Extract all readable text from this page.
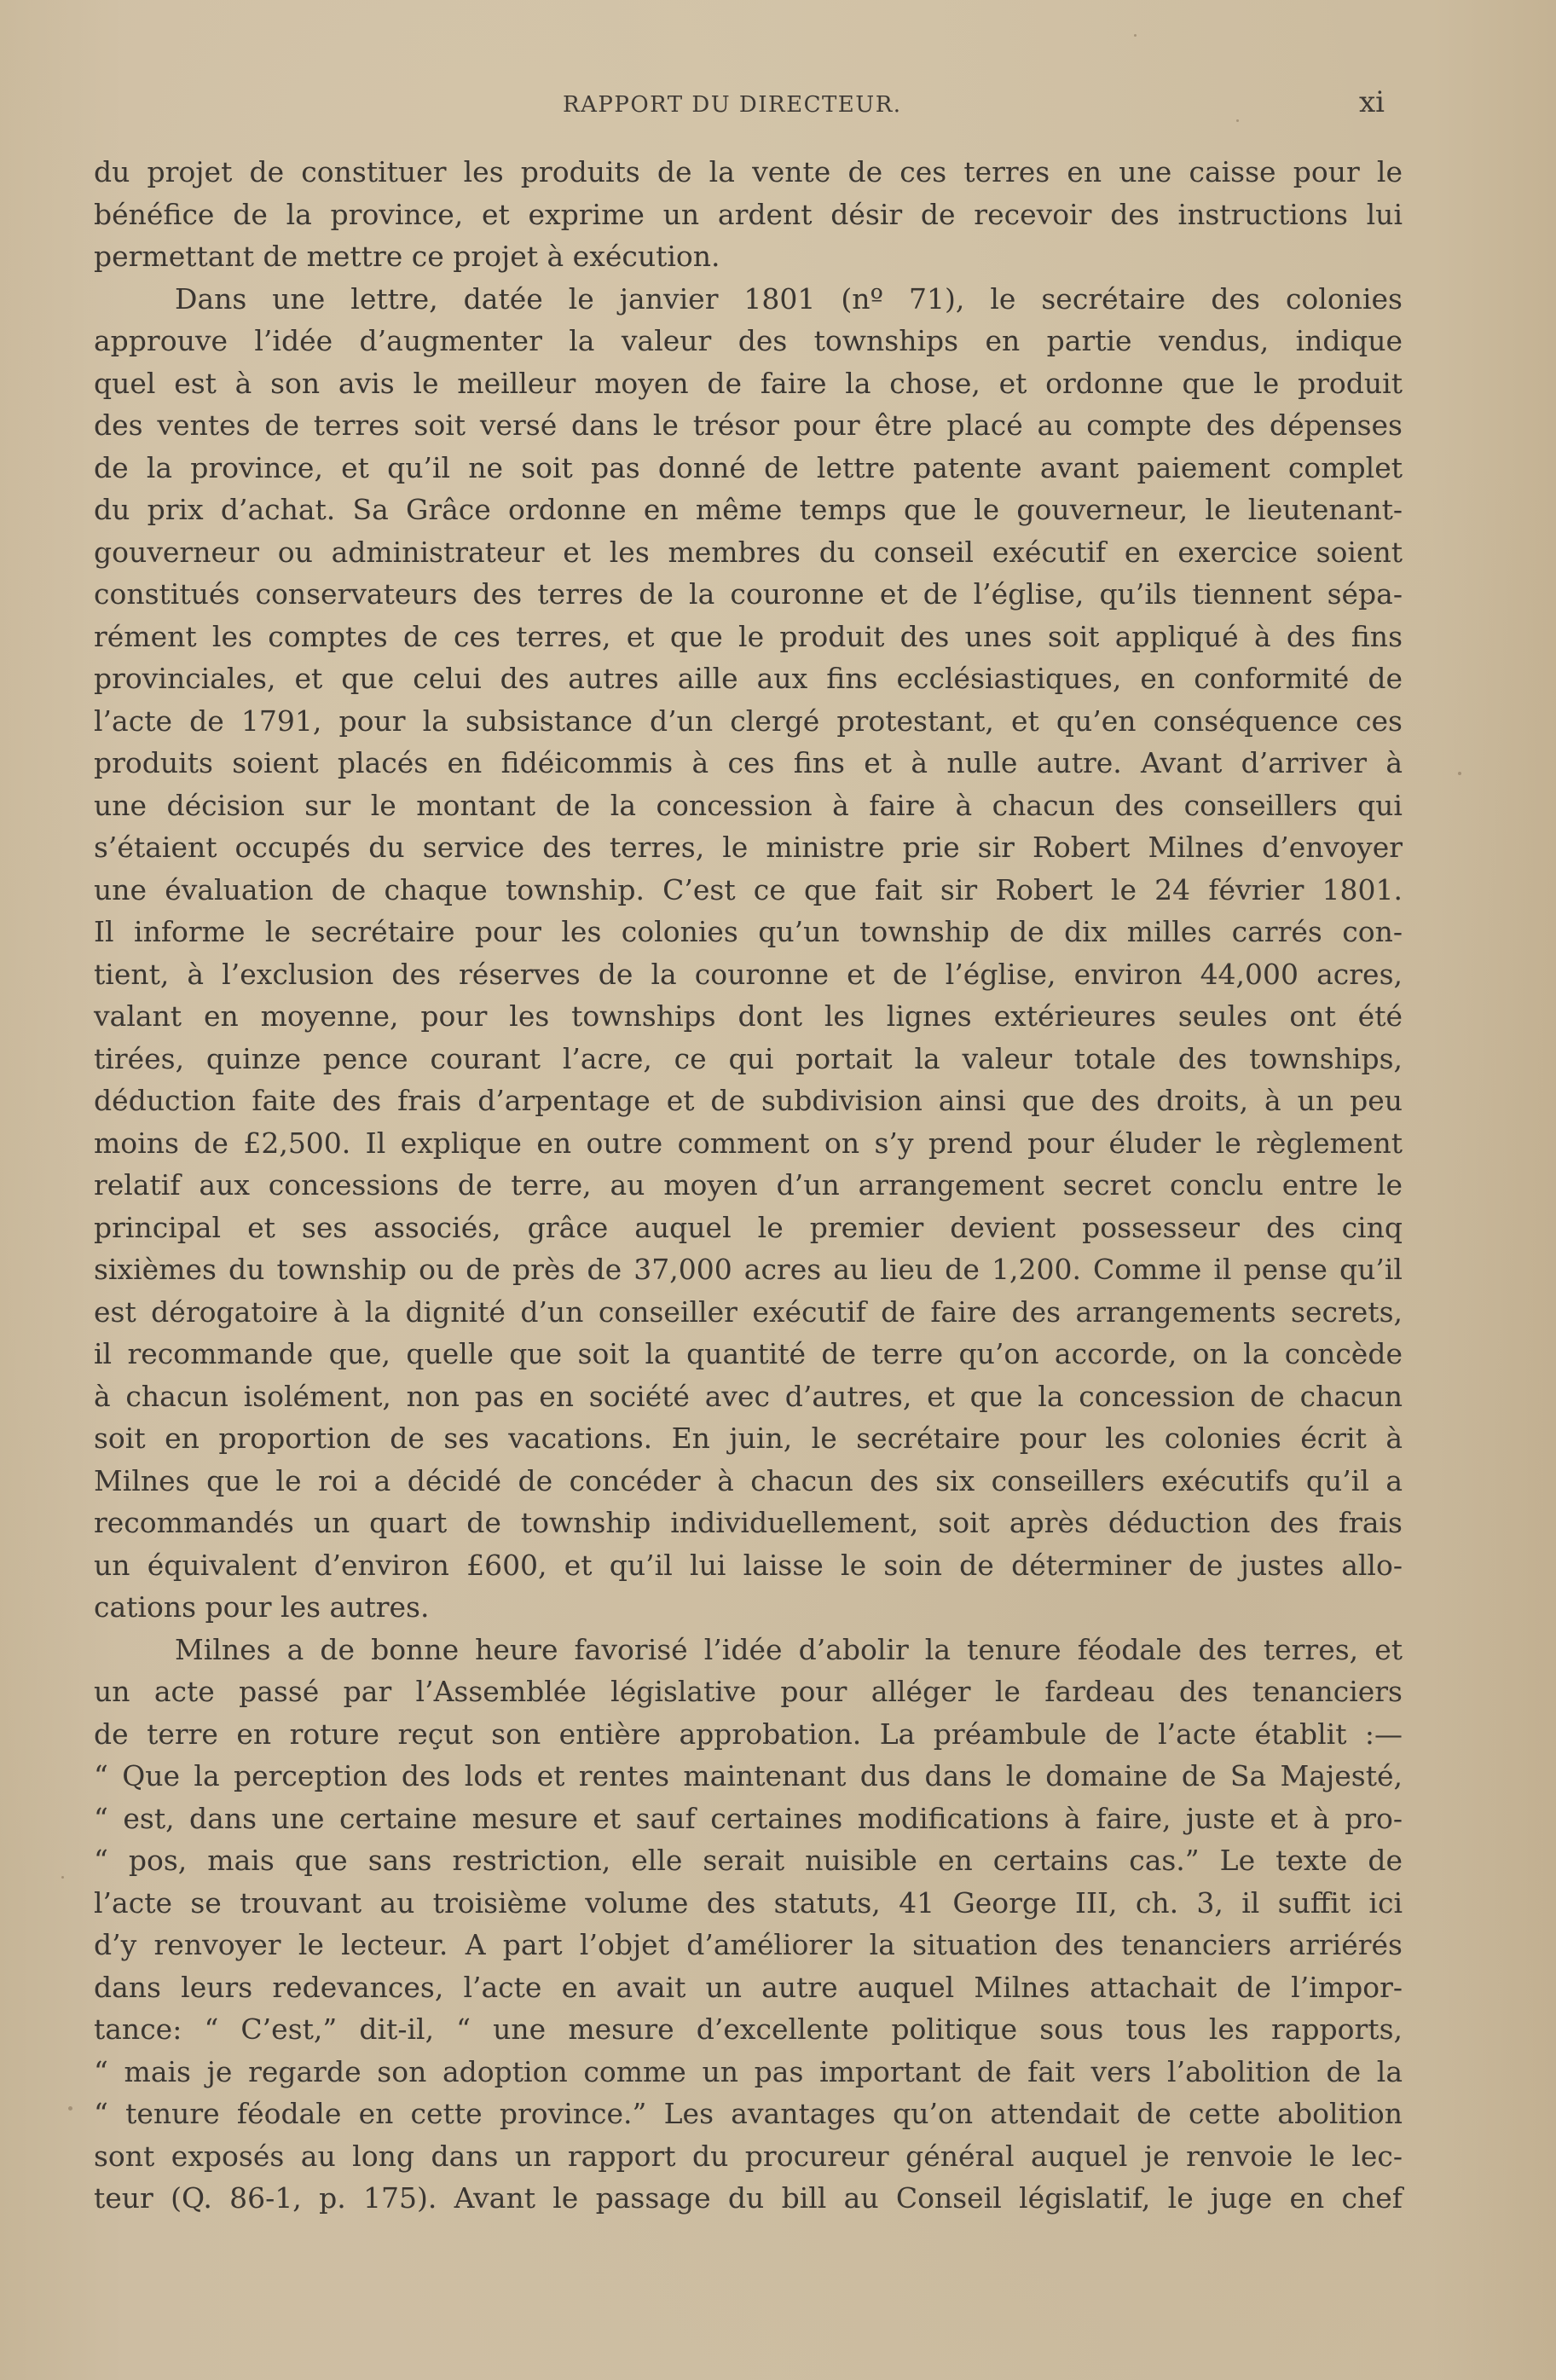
RAPPORT DU DIRECTEUR.	xi
du projet de constituer les produits de la vente de ces terres en une caisse pour le
bénéfice de la province, et exprime un ardent désir de recevoir des instructions lui
permettant de mettre ce projet à exécution.
Dans une lettre, datée le janvier 1801 (nº 71), le secrétaire des colonies
approuve l’idée d’augmenter la valeur des townships en partie vendus, indique
quel est à son avis le meilleur moyen de faire la chose, et ordonne que le produit
des ventes de terres soit versé dans le trésor pour être placé au compte des dépenses
de la province, et qu’il ne soit pas donné de lettre patente avant paiement complet
du prix d’achat. Sa Grâce ordonne en même temps que le gouverneur, le lieutenant-
gouverneur ou administrateur et les membres du conseil exécutif en exercice soient
constitués conservateurs des terres de la couronne et de l’église, qu’ils tiennent sépa-
rément les comptes de ces terres, et que le produit des unes soit appliqué à des fins
provinciales, et que celui des autres aille aux fins ecclésiastiques, en conformité de
l’acte de 1791, pour la subsistance d’un clergé protestant, et qu’en conséquence ces
produits soient placés en fidéicommis à ces fins et à nulle autre. Avant d’arriver à
une décision sur le montant de la concession à faire à chacun des conseillers qui
s’étaient occupés du service des terres, le ministre prie sir Robert Milnes d’envoyer
une évaluation de chaque township. C’est ce que fait sir Robert le 24 février 1801.
Il informe le secrétaire pour les colonies qu’un township de dix milles carrés con-
tient, à l’exclusion des réserves de la couronne et de l’église, environ 44,000 acres,
valant en moyenne, pour les townships dont les lignes extérieures seules ont été
tirées, quinze pence courant l’acre, ce qui portait la valeur totale des townships,
déduction faite des frais d’arpentage et de subdivision ainsi que des droits, à un peu
moins de £2,500. Il explique en outre comment on s’y prend pour éluder le règlement
relatif aux concessions de terre, au moyen d’un arrangement secret conclu entre le
principal et ses associés, grâce auquel le premier devient possesseur des cinq
sixièmes du township ou de près de 37,000 acres au lieu de 1,200. Comme il pense qu’il
est dérogatoire à la dignité d’un conseiller exécutif de faire des arrangements secrets,
il recommande que, quelle que soit la quantité de terre qu’on accorde, on la concède
à chacun isolément, non pas en société avec d’autres, et que la concession de chacun
soit en proportion de ses vacations. En juin, le secrétaire pour les colonies écrit à
Milnes que le roi a décidé de concéder à chacun des six conseillers exécutifs qu’il a
recommandés un quart de township individuellement, soit après déduction des frais
un équivalent d’environ £600, et qu’il lui laisse le soin de déterminer de justes allo-
cations pour les autres.
Milnes a de bonne heure favorisé l’idée d’abolir la tenure féodale des terres, et
un acte passé par l’Assemblée législative pour alléger le fardeau des tenanciers
de terre en roture reçut son entière approbation. La préambule de l’acte établit :—
“ Que la perception des lods et rentes maintenant dus dans le domaine de Sa Majesté,
“ est, dans une certaine mesure et sauf certaines modifications à faire, juste et à pro-
“ pos, mais que sans restriction, elle serait nuisible en certains cas.” Le texte de
l’acte se trouvant au troisième volume des statuts, 41 George III, ch. 3, il suffit ici
d’y renvoyer le lecteur. A part l’objet d’améliorer la situation des tenanciers arriérés
dans leurs redevances, l’acte en avait un autre auquel Milnes attachait de l’impor-
tance: “ C’est,” dit-il, “ une mesure d’excellente politique sous tous les rapports,
“ mais je regarde son adoption comme un pas important de fait vers l’abolition de la
“ tenure féodale en cette province.” Les avantages qu’on attendait de cette abolition
sont exposés au long dans un rapport du procureur général auquel je renvoie le lec-
teur (Q. 86-1, p. 175). Avant le passage du bill au Conseil législatif, le juge en chef
